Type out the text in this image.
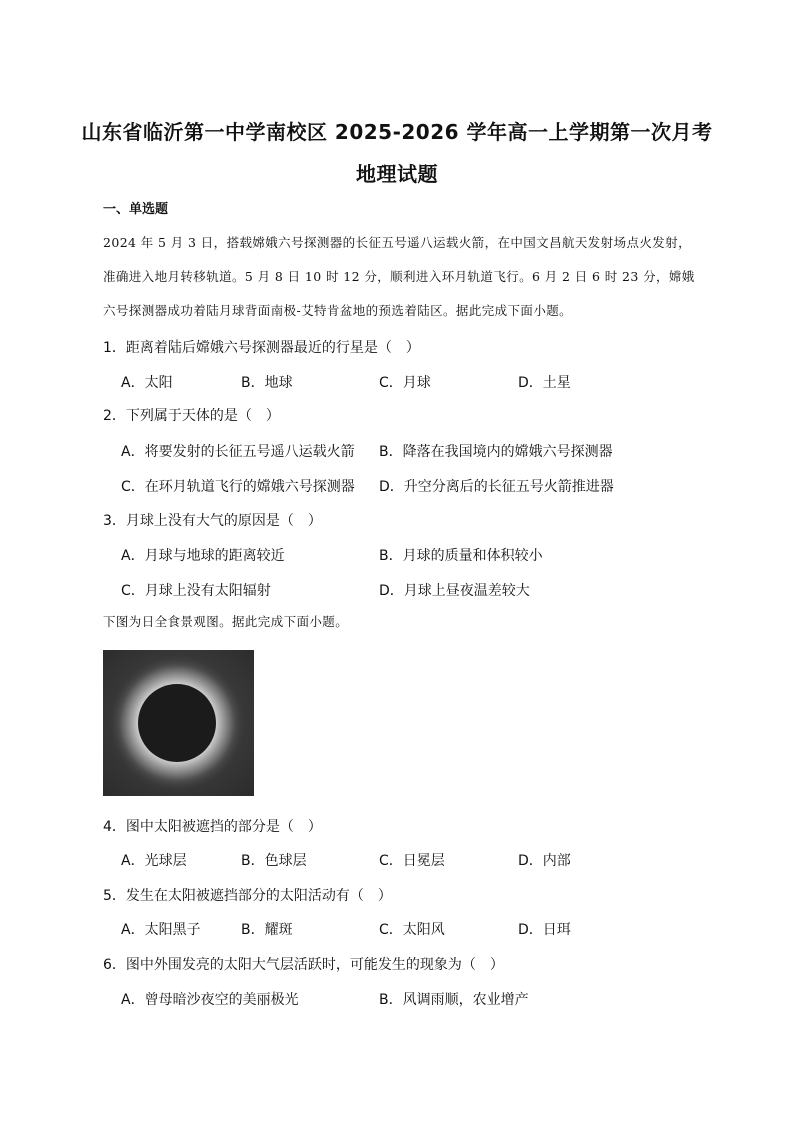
山东省临沂第一中学南校区 2025-2026 学年高一上学期第一次月考
地理试题
一、单选题
2024 年 5 月 3 日，搭载嫦娥六号探测器的长征五号遥八运载火箭，在中国文昌航天发射场点火发射，准确进入地月转移轨道。5 月 8 日 10 时 12 分，顺利进入环月轨道飞行。6 月 2 日 6 时 23 分，嫦娥六号探测器成功着陆月球背面南极-艾特肯盆地的预选着陆区。据此完成下面小题。
1．距离着陆后嫦娥六号探测器最近的行星是（　）
A．太阳	B．地球	C．月球	D．土星
2．下列属于天体的是（　）
A．将要发射的长征五号遥八运载火箭 B．降落在我国境内的嫦娥六号探测器
C．在环月轨道飞行的嫦娥六号探测器 D．升空分离后的长征五号火箭推进器
3．月球上没有大气的原因是（　）
A．月球与地球的距离较近	B．月球的质量和体积较小
C．月球上没有太阳辐射	D．月球上昼夜温差较大
下图为日全食景观图。据此完成下面小题。
4．图中太阳被遮挡的部分是（　）
A．光球层	B．色球层	C．日冕层	D．内部
5．发生在太阳被遮挡部分的太阳活动有（　）
A．太阳黑子	B．耀斑	C．太阳风	D．日珥
6．图中外围发亮的太阳大气层活跃时，可能发生的现象为（　）
A．曾母暗沙夜空的美丽极光	B．风调雨顺，农业增产
